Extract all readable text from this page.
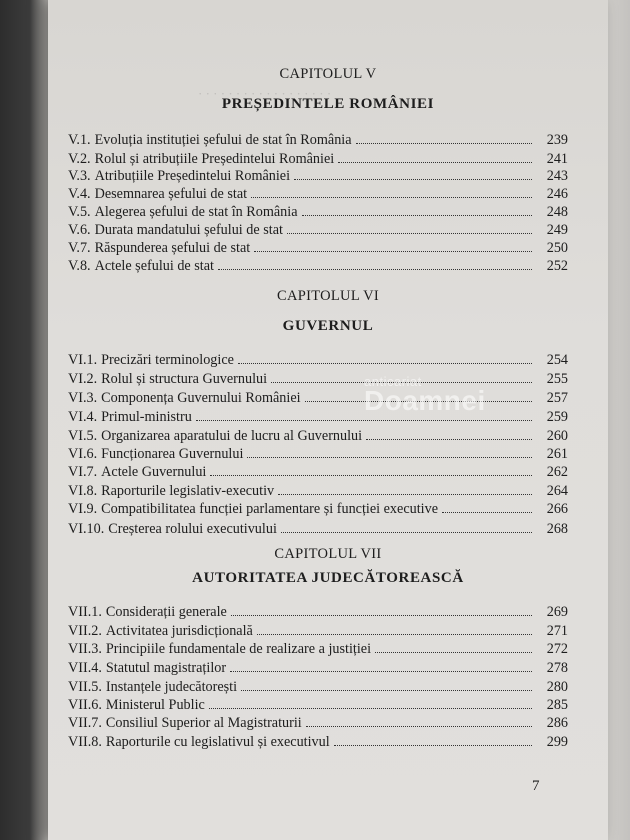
· · · · · · · · · · · · · · · · · ·
CAPITOLUL V
PREȘEDINTELE ROMÂNIEI
V.1. Evoluția instituției șefului de stat în România	239
V.2. Rolul și atribuțiile Președintelui României	241
V.3. Atribuțiile Președintelui României	243
V.4. Desemnarea șefului de stat	246
V.5. Alegerea șefului de stat în România	248
V.6. Durata mandatului șefului de stat	249
V.7. Răspunderea șefului de stat	250
V.8. Actele șefului de stat	252
CAPITOLUL VI
GUVERNUL
VI.1. Precizări terminologice	254
VI.2. Rolul și structura Guvernului	255
VI.3. Componența Guvernului României	257
VI.4. Primul-ministru	259
VI.5. Organizarea aparatului de lucru al Guvernului	260
VI.6. Funcționarea Guvernului	261
VI.7. Actele Guvernului	262
VI.8. Raporturile legislativ-executiv	264
VI.9. Compatibilitatea funcției parlamentare și funcției executive	266
VI.10. Creșterea rolului executivului	268
CAPITOLUL VII
AUTORITATEA JUDECĂTOREASCĂ
VII.1. Considerații generale	269
VII.2. Activitatea jurisdicțională	271
VII.3. Principiile fundamentale de realizare a justiției	272
VII.4. Statutul magistraților	278
VII.5. Instanțele judecătorești	280
VII.6. Ministerul Public	285
VII.7. Consiliul Superior al Magistraturii	286
VII.8. Raporturile cu legislativul și executivul	299
7
anticariat
Doamnei
